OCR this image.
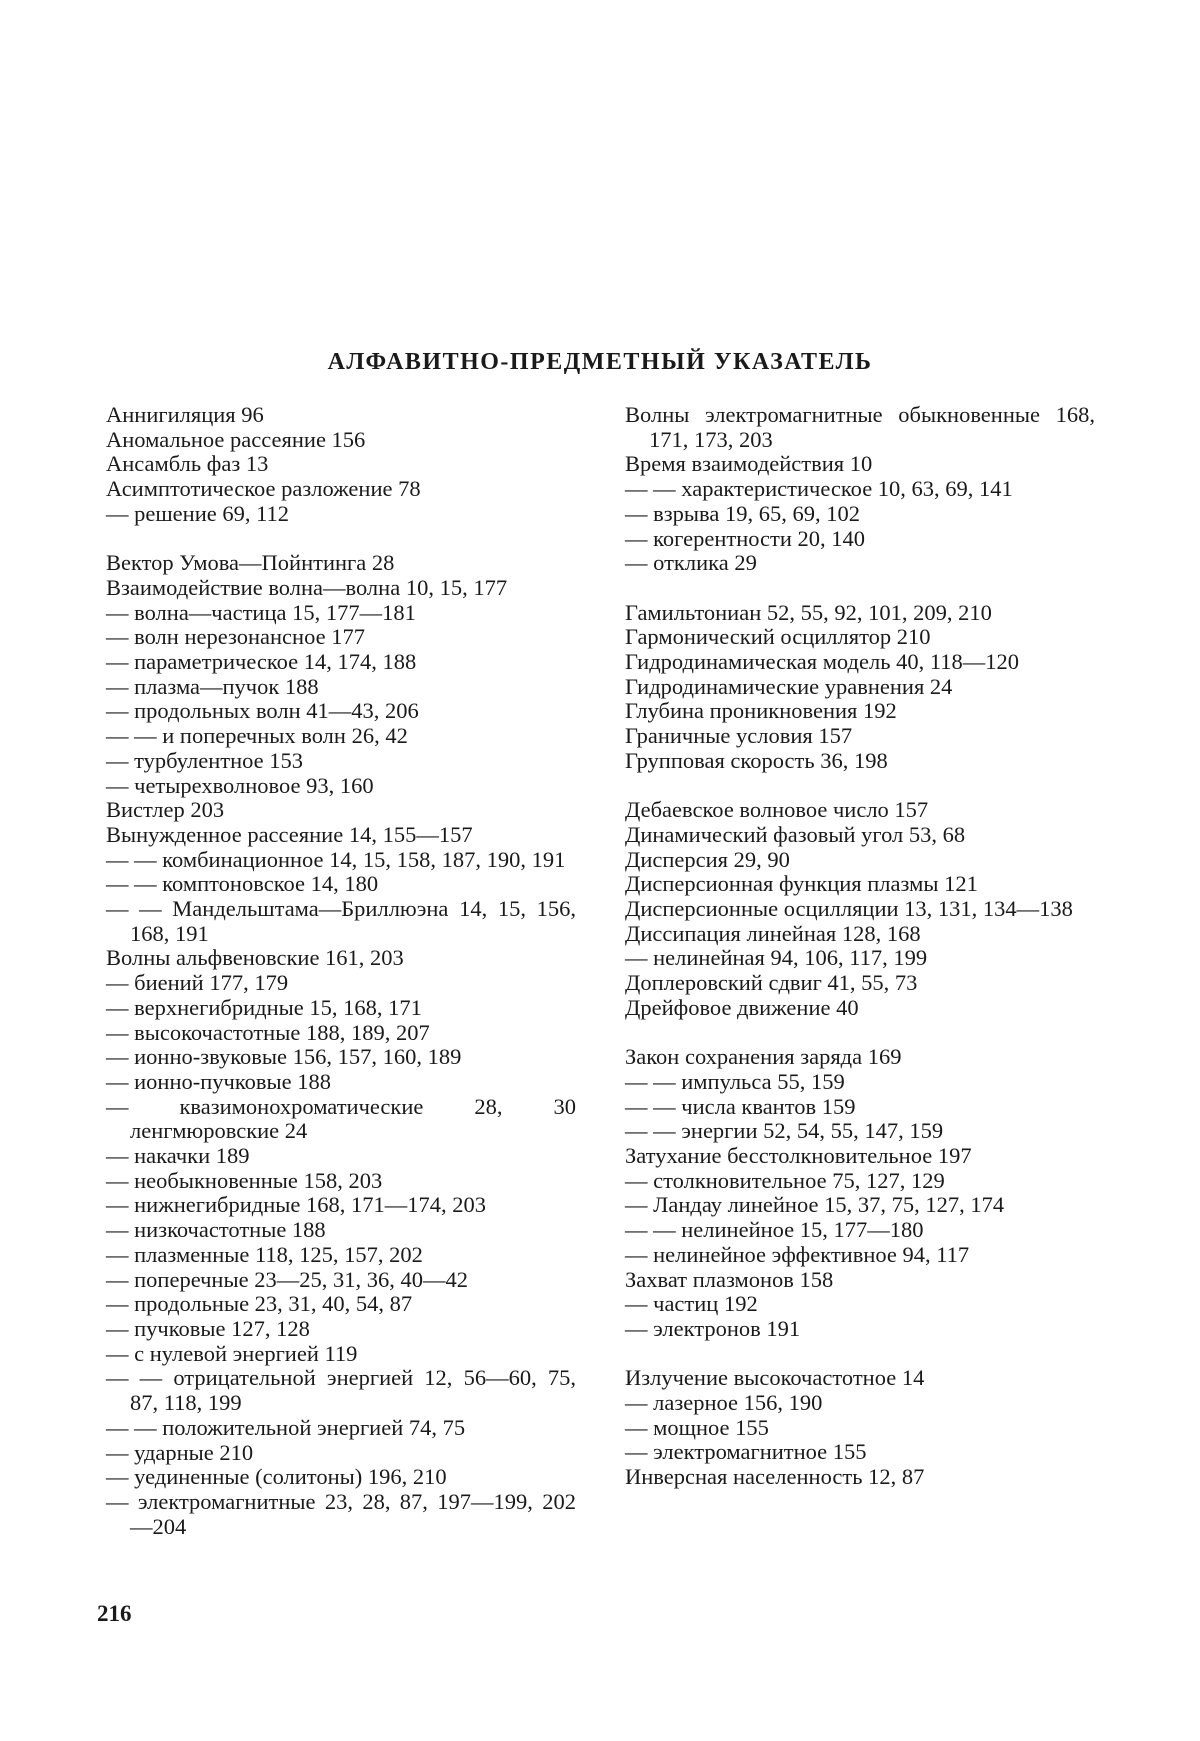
АЛФАВИТНО-ПРЕДМЕТНЫЙ УКАЗАТЕЛЬ
Аннигиляция 96
Аномальное рассеяние 156
Ансамбль фаз 13
Асимптотическое разложение 78
— решение 69, 112
Вектор Умова—Пойнтинга 28
Взаимодействие волна—волна 10, 15, 177
— волна—частица 15, 177—181
— волн нерезонансное 177
— параметрическое 14, 174, 188
— плазма—пучок 188
— продольных волн 41—43, 206
— — и поперечных волн 26, 42
— турбулентное 153
— четырехволновое 93, 160
Вистлер 203
Вынужденное рассеяние 14, 155—157
— — комбинационное 14, 15, 158, 187, 190, 191
— — комптоновское 14, 180
— — Мандельштама—Бриллюэна 14, 15, 156, 168, 191
Волны альфвеновские 161, 203
— биений 177, 179
— верхнегибридные 15, 168, 171
— высокочастотные 188, 189, 207
— ионно-звуковые 156, 157, 160, 189
— ионно-пучковые 188
— квазимонохроматические 28, 30 ленгмюровские 24
— накачки 189
— необыкновенные 158, 203
— нижнегибридные 168, 171—174, 203
— низкочастотные 188
— плазменные 118, 125, 157, 202
— поперечные 23—25, 31, 36, 40—42
— продольные 23, 31, 40, 54, 87
— пучковые 127, 128
— с нулевой энергией 119
— — отрицательной энергией 12, 56—60, 75, 87, 118, 199
— — положительной энергией 74, 75
— ударные 210
— уединенные (солитоны) 196, 210
— электромагнитные 23, 28, 87, 197—199, 202—204
Волны электромагнитные обыкновенные 168, 171, 173, 203
Время взаимодействия 10
— — характеристическое 10, 63, 69, 141
— взрыва 19, 65, 69, 102
— когерентности 20, 140
— отклика 29
Гамильтониан 52, 55, 92, 101, 209, 210
Гармонический осциллятор 210
Гидродинамическая модель 40, 118—120
Гидродинамические уравнения 24
Глубина проникновения 192
Граничные условия 157
Групповая скорость 36, 198
Дебаевское волновое число 157
Динамический фазовый угол 53, 68
Дисперсия 29, 90
Дисперсионная функция плазмы 121
Дисперсионные осцилляции 13, 131, 134—138
Диссипация линейная 128, 168
— нелинейная 94, 106, 117, 199
Доплеровский сдвиг 41, 55, 73
Дрейфовое движение 40
Закон сохранения заряда 169
— — импульса 55, 159
— — числа квантов 159
— — энергии 52, 54, 55, 147, 159
Затухание бесстолкновительное 197
— столкновительное 75, 127, 129
— Ландау линейное 15, 37, 75, 127, 174
— — нелинейное 15, 177—180
— нелинейное эффективное 94, 117
Захват плазмонов 158
— частиц 192
— электронов 191
Излучение высокочастотное 14
— лазерное 156, 190
— мощное 155
— электромагнитное 155
Инверсная населенность 12, 87
216
